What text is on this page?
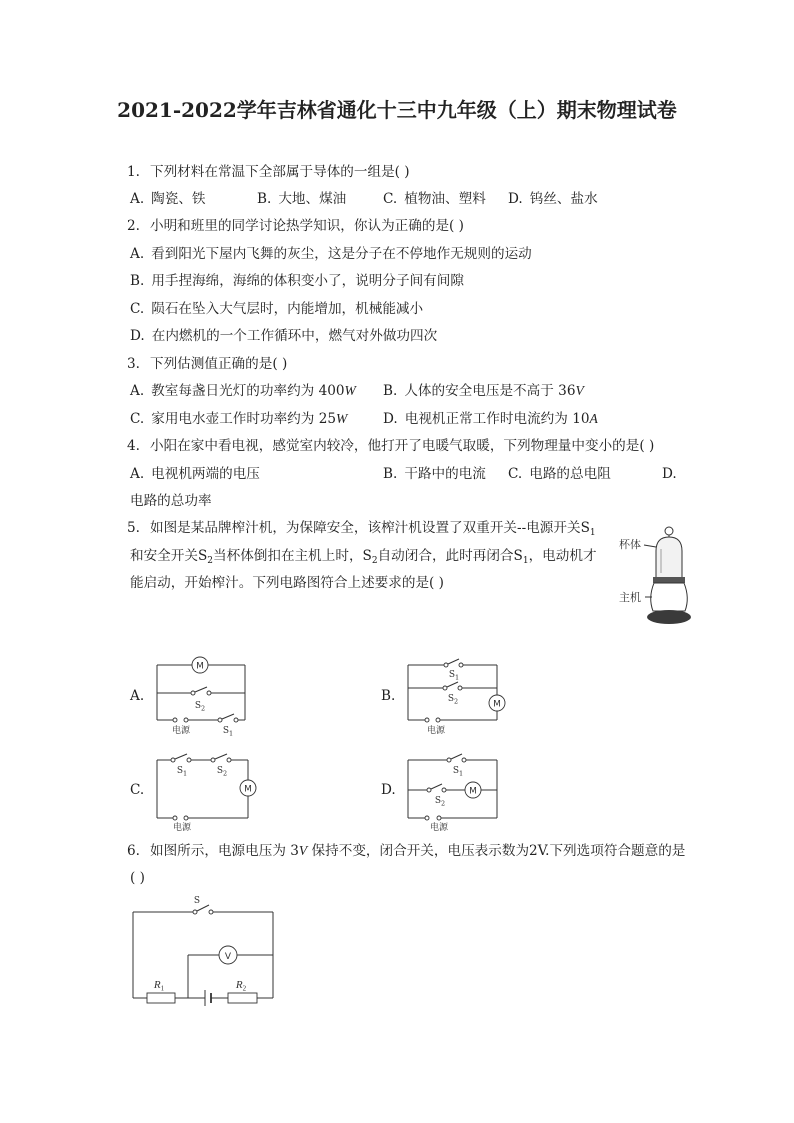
2021-2022学年吉林省通化十三中九年级（上）期末物理试卷
1. 下列材料在常温下全部属于导体的一组是( )
A. 陶瓷、铁	B. 大地、煤油	C. 植物油、塑料 D. 钨丝、盐水
2. 小明和班里的同学讨论热学知识，你认为正确的是( )
A. 看到阳光下屋内飞舞的灰尘，这是分子在不停地作无规则的运动
B. 用手捏海绵，海绵的体积变小了，说明分子间有间隙
C. 陨石在坠入大气层时，内能增加，机械能减小
D. 在内燃机的一个工作循环中，燃气对外做功四次
3. 下列估测值正确的是( )
A. 教室每盏日光灯的功率约为 400W B. 人体的安全电压是不高于 36V
C. 家用电水壶工作时功率约为 25W	D. 电视机正常工作时电流约为 10A
4. 小阳在家中看电视，感觉室内较冷，他打开了电暖气取暖，下列物理量中变小的是( )
A. 电视机两端的电压	B. 干路中的电流 C. 电路的总电阻	D.
电路的总功率
5. 如图是某品牌榨汁机，为保障安全，该榨汁机设置了双重开关--电源开关$S_1$
和安全开关$S_2$当杯体倒扣在主机上时，$S_2$自动闭合，此时再闭合$S_1$，电动机才
能启动，开始榨汁。下列电路图符合上述要求的是( )
杯体
主机
A.
M
$S_2$
电源	$S_1$
B.
$S_1$
$S_2$	M
电源
C.
$S_1$	$S_2$
M
电源
D.
$S_1$
M
$S_2$
电源
6. 如图所示，电源电压为 3V 保持不变，闭合开关，电压表示数为2V.下列选项符合题意的是
( )
S
V
$R_1$	$R_2$
